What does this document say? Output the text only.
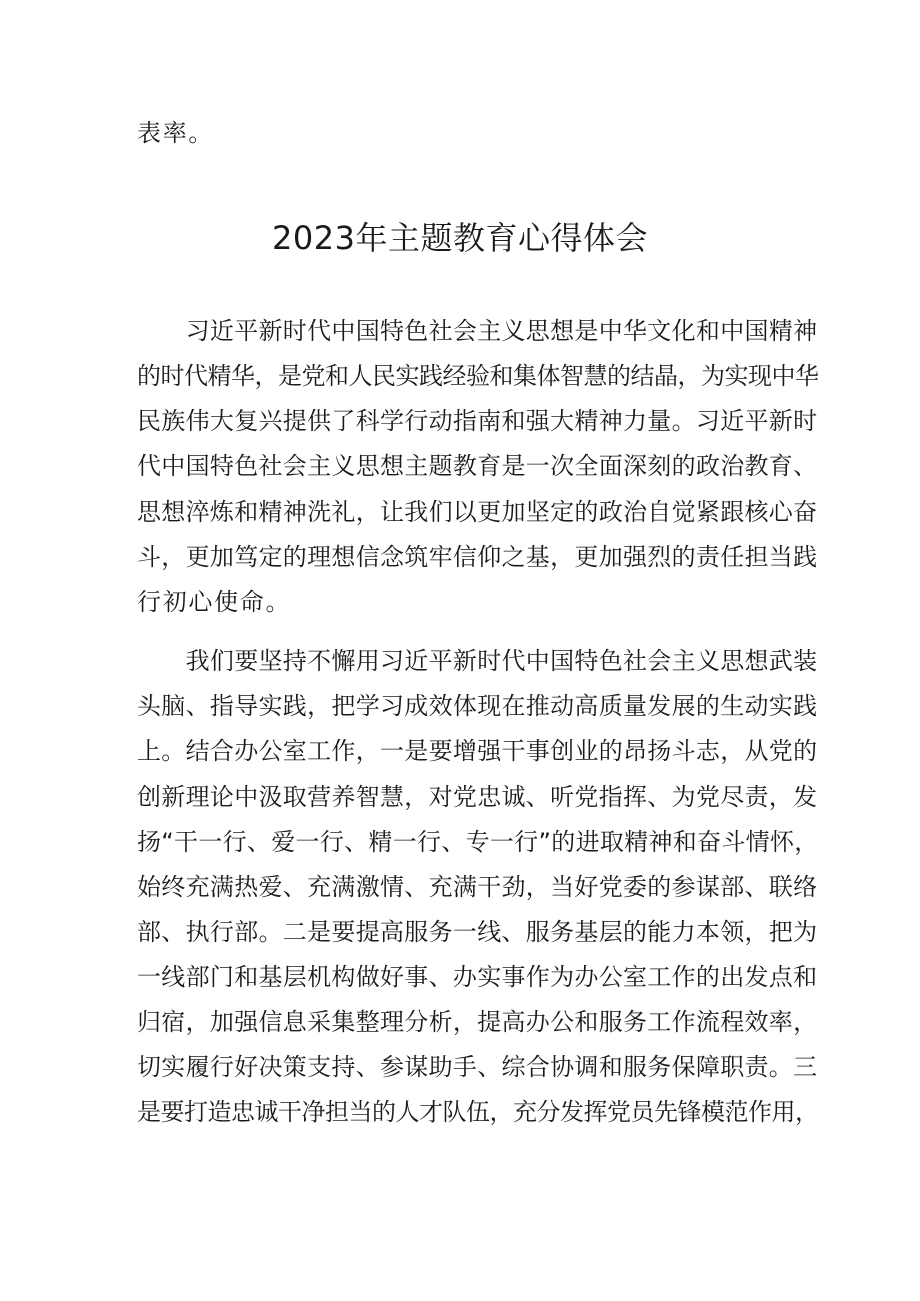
表率。
2023年主题教育心得体会
　　习近平新时代中国特色社会主义思想是中华文化和中国精神
的时代精华，是党和人民实践经验和集体智慧的结晶，为实现中华
民族伟大复兴提供了科学行动指南和强大精神力量。习近平新时
代中国特色社会主义思想主题教育是一次全面深刻的政治教育、
思想淬炼和精神洗礼，让我们以更加坚定的政治自觉紧跟核心奋
斗，更加笃定的理想信念筑牢信仰之基，更加强烈的责任担当践
行初心使命。
　　我们要坚持不懈用习近平新时代中国特色社会主义思想武装
头脑、指导实践，把学习成效体现在推动高质量发展的生动实践
上。结合办公室工作，一是要增强干事创业的昂扬斗志，从党的
创新理论中汲取营养智慧，对党忠诚、听党指挥、为党尽责，发
扬“干一行、爱一行、精一行、专一行”的进取精神和奋斗情怀，
始终充满热爱、充满激情、充满干劲，当好党委的参谋部、联络
部、执行部。二是要提高服务一线、服务基层的能力本领，把为
一线部门和基层机构做好事、办实事作为办公室工作的出发点和
归宿，加强信息采集整理分析，提高办公和服务工作流程效率，
切实履行好决策支持、参谋助手、综合协调和服务保障职责。三
是要打造忠诚干净担当的人才队伍，充分发挥党员先锋模范作用，
